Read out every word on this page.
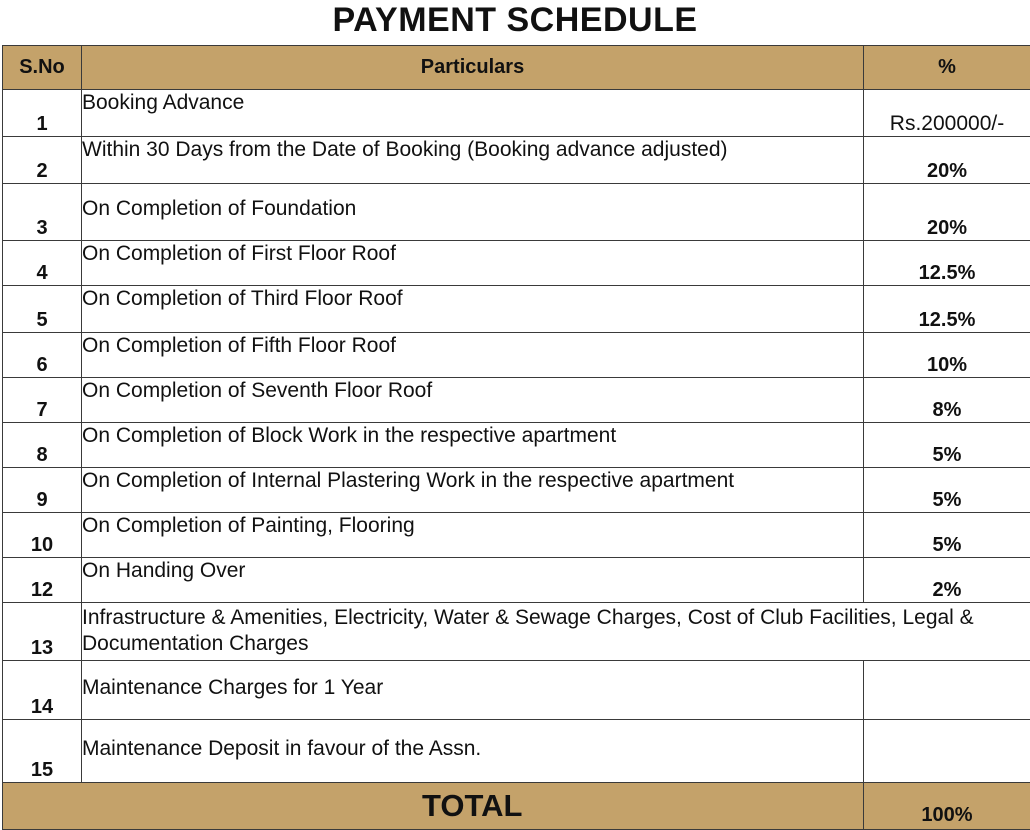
PAYMENT SCHEDULE
S.No	Particulars	%
1	Booking Advance	Rs.200000/-
2	Within 30 Days from the Date of Booking (Booking advance adjusted)	20%
3	On Completion of Foundation	20%
4	On Completion of First Floor Roof	12.5%
5	On Completion of Third Floor Roof	12.5%
6	On Completion of Fifth Floor Roof	10%
7	On Completion of Seventh Floor Roof	8%
8	On Completion of Block Work in the respective apartment	5%
9	On Completion of Internal Plastering Work in the respective apartment	5%
10	On Completion of Painting, Flooring	5%
12	On Handing Over	2%
13	Infrastructure & Amenities, Electricity, Water & Sewage Charges, Cost of Club Facilities, Legal & Documentation Charges	
14	Maintenance Charges for 1 Year	
15	Maintenance Deposit in favour of the Assn.	
	TOTAL	100%
